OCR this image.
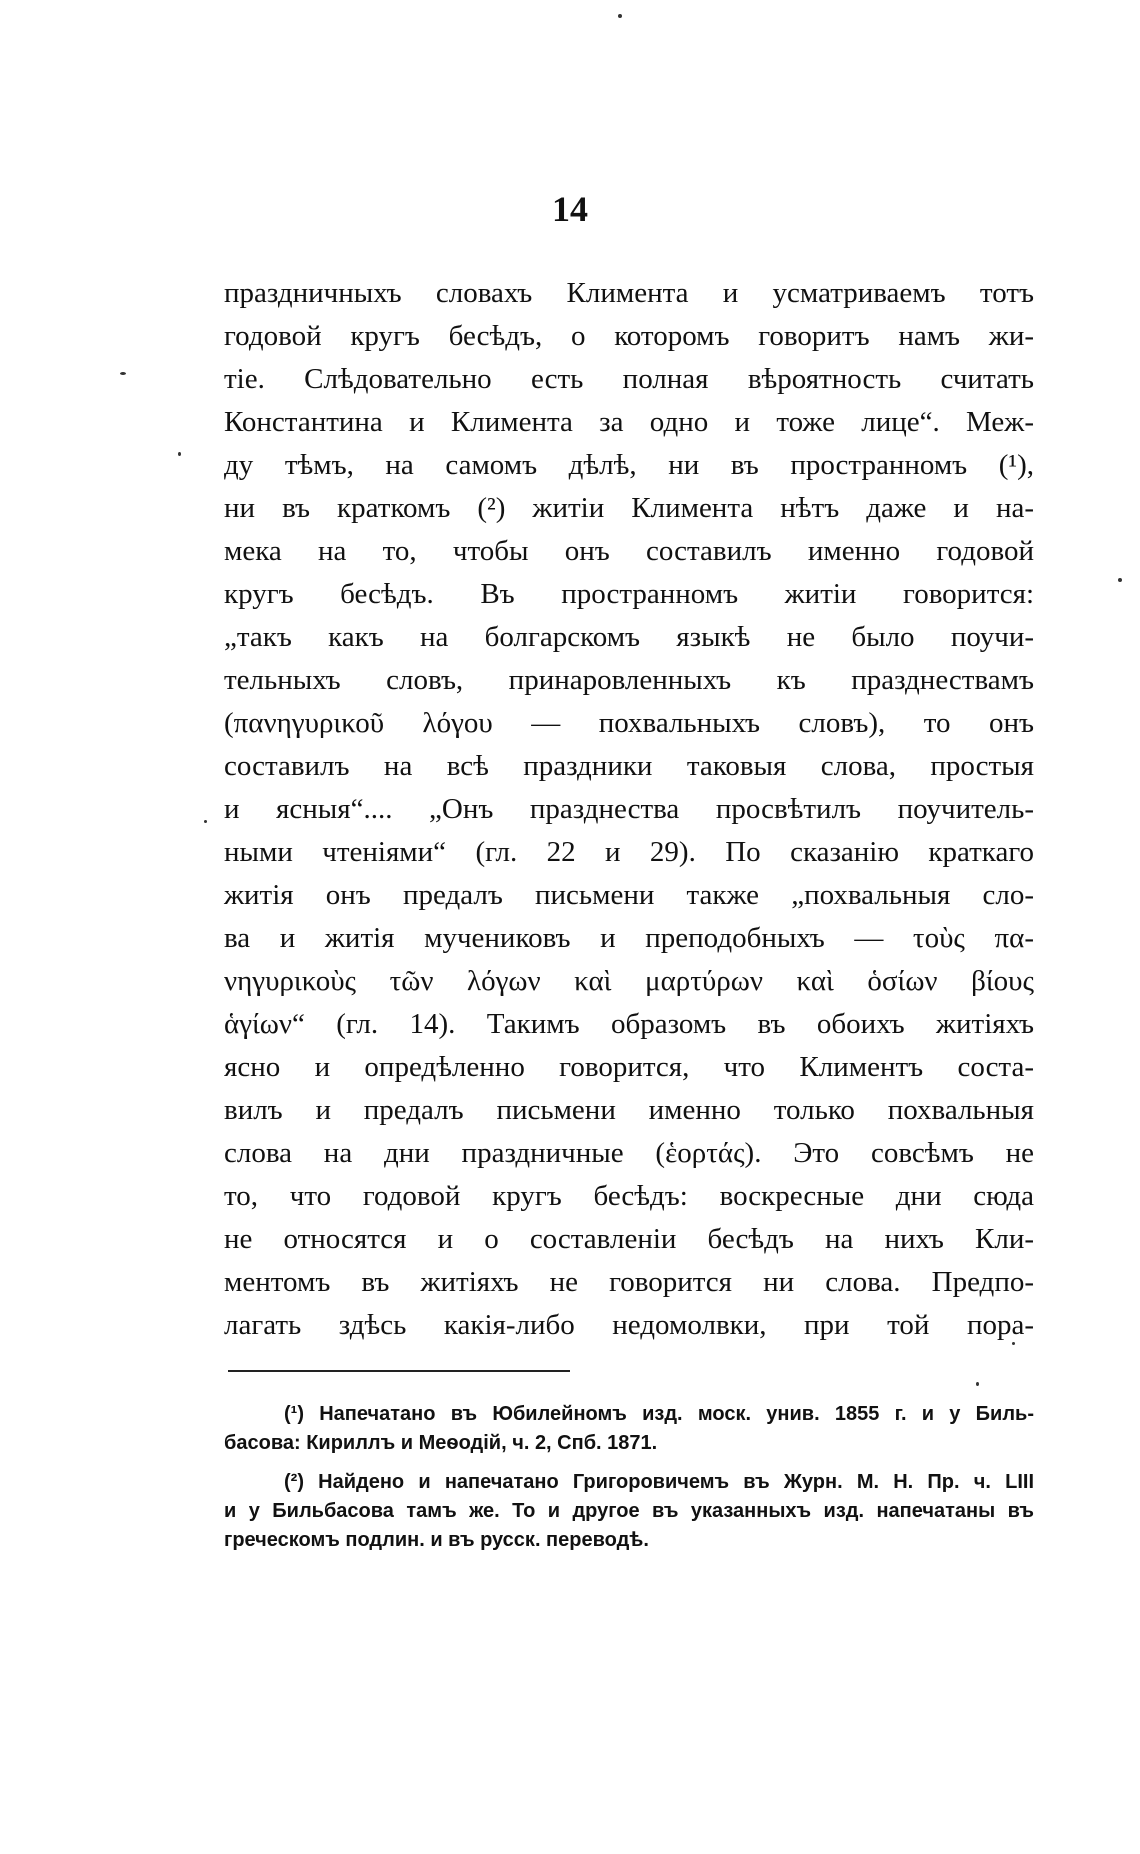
14
праздничныхъ словахъ Климента и усматриваемъ тотъ
годовой кругъ бесѣдъ, о которомъ говоритъ намъ жи-
тіе. Слѣдовательно есть полная вѣроятность считать
Константина и Климента за одно и тоже лице“. Меж-
ду тѣмъ, на самомъ дѣлѣ, ни въ пространномъ (¹),
ни въ краткомъ (²) житіи Климента нѣтъ даже и на-
мека на то, чтобы онъ составилъ именно годовой
кругъ бесѣдъ. Въ пространномъ житіи говорится:
„такъ какъ на болгарскомъ языкѣ не было поучи-
тельныхъ словъ, принаровленныхъ къ празднествамъ
(πανηγυρικοῦ λόγου — похвальныхъ словъ), то онъ
составилъ на всѣ праздники таковыя слова, простыя
и ясныя“.... „Онъ празднества просвѣтилъ поучитель-
ными чтеніями“ (гл. 22 и 29). По сказанію краткаго
житія онъ предалъ письмени также „похвальныя сло-
ва и житія мучениковъ и преподобныхъ — τοὺς πα-
νηγυρικοὺς τῶν λόγων καὶ μαρτύρων καὶ ὁσίων βίους
ἁγίων“ (гл. 14). Такимъ образомъ въ обоихъ житіяхъ
ясно и опредѣленно говорится, что Климентъ соста-
вилъ и предалъ письмени именно только похвальныя
слова на дни праздничные (ἑορτάς). Это совсѣмъ не
то, что годовой кругъ бесѣдъ: воскресные дни сюда
не относятся и о составленіи бесѣдъ на нихъ Кли-
ментомъ въ житіяхъ не говорится ни слова. Предпо-
лагать здѣсь какія-либо недомолвки, при той пора-
(¹) Напечатано въ Юбилейномъ изд. моск. унив. 1855 г. и у Биль-
басова: Кириллъ и Меѳодій, ч. 2, Спб. 1871.
(²) Найдено и напечатано Григоровичемъ въ Журн. М. Н. Пр. ч. LIII
и у Бильбасова тамъ же. То и другое въ указанныхъ изд. напечатаны въ
греческомъ подлин. и въ русск. переводѣ.
